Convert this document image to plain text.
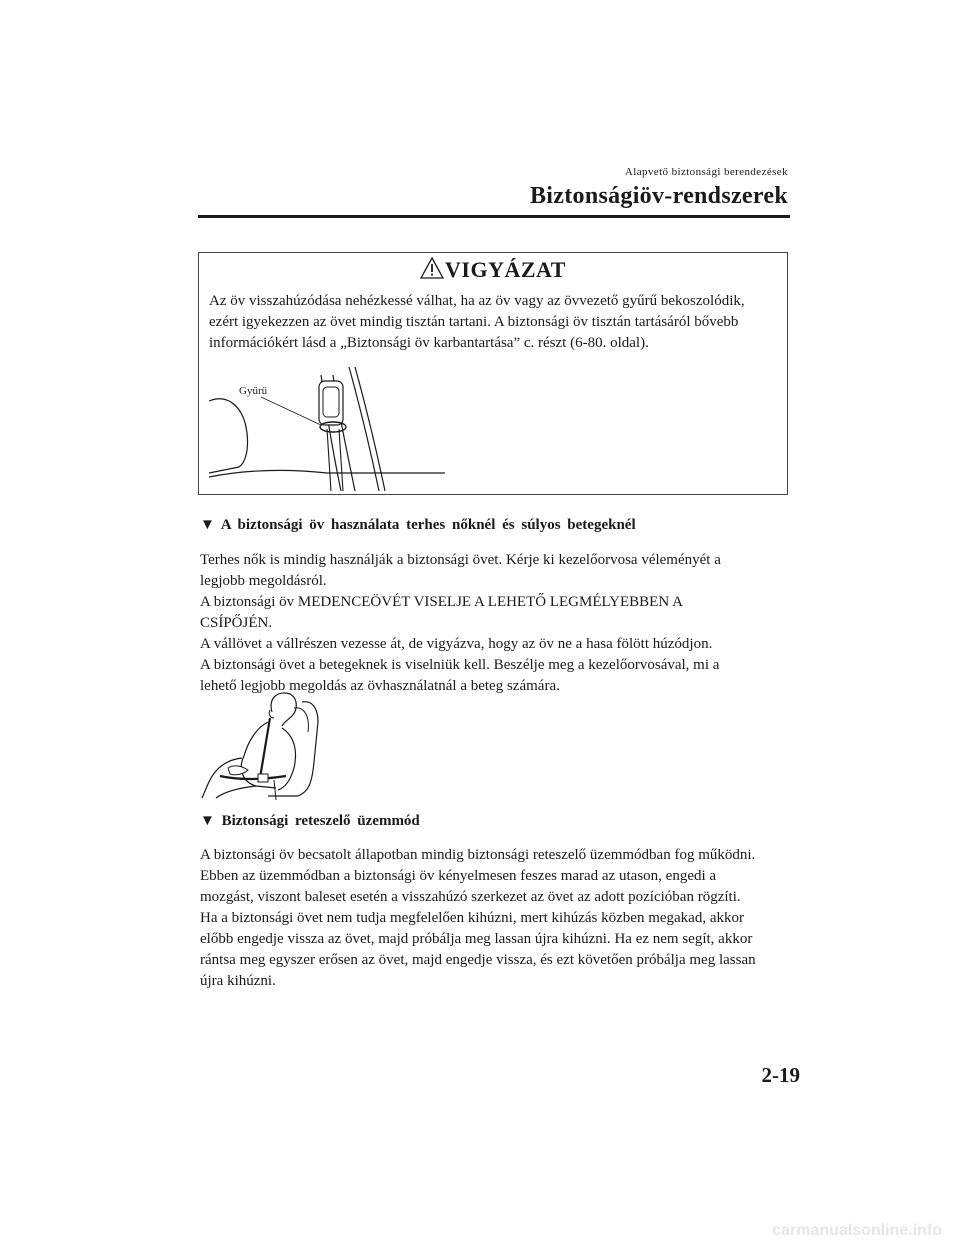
Alapvető biztonsági berendezések
Biztonságiöv-rendszerek
VIGYÁZAT
Az öv visszahúzódása nehézkessé válhat, ha az öv vagy az övvezető gyűrű bekoszolódik,
ezért igyekezzen az övet mindig tisztán tartani. A biztonsági öv tisztán tartásáról bővebb
információkért lásd a „Biztonsági öv karbantartása” c. részt (6-80. oldal).
Gyűrű
▼ A biztonsági öv használata terhes nőknél és súlyos betegeknél

Terhes nők is mindig használják a biztonsági övet. Kérje ki kezelőorvosa véleményét a

legjobb megoldásról.

A biztonsági öv MEDENCEÖVÉT VISELJE A LEHETŐ LEGMÉLYEBBEN A

CSÍPŐJÉN.

A vállövet a vállrészen vezesse át, de vigyázva, hogy az öv ne a hasa fölött húzódjon.

A biztonsági övet a betegeknek is viselniük kell. Beszélje meg a kezelőorvosával, mi a

lehető legjobb megoldás az övhasználatnál a beteg számára.

▼ Biztonsági reteszelő üzemmód

A biztonsági öv becsatolt állapotban mindig biztonsági reteszelő üzemmódban fog működni.

Ebben az üzemmódban a biztonsági öv kényelmesen feszes marad az utason, engedi a

mozgást, viszont baleset esetén a visszahúzó szerkezet az övet az adott pozícióban rögzíti.

Ha a biztonsági övet nem tudja megfelelően kihúzni, mert kihúzás közben megakad, akkor

előbb engedje vissza az övet, majd próbálja meg lassan újra kihúzni. Ha ez nem segít, akkor

rántsa meg egyszer erősen az övet, majd engedje vissza, és ezt követően próbálja meg lassan

újra kihúzni.

2-19
carmanualsonline.info
